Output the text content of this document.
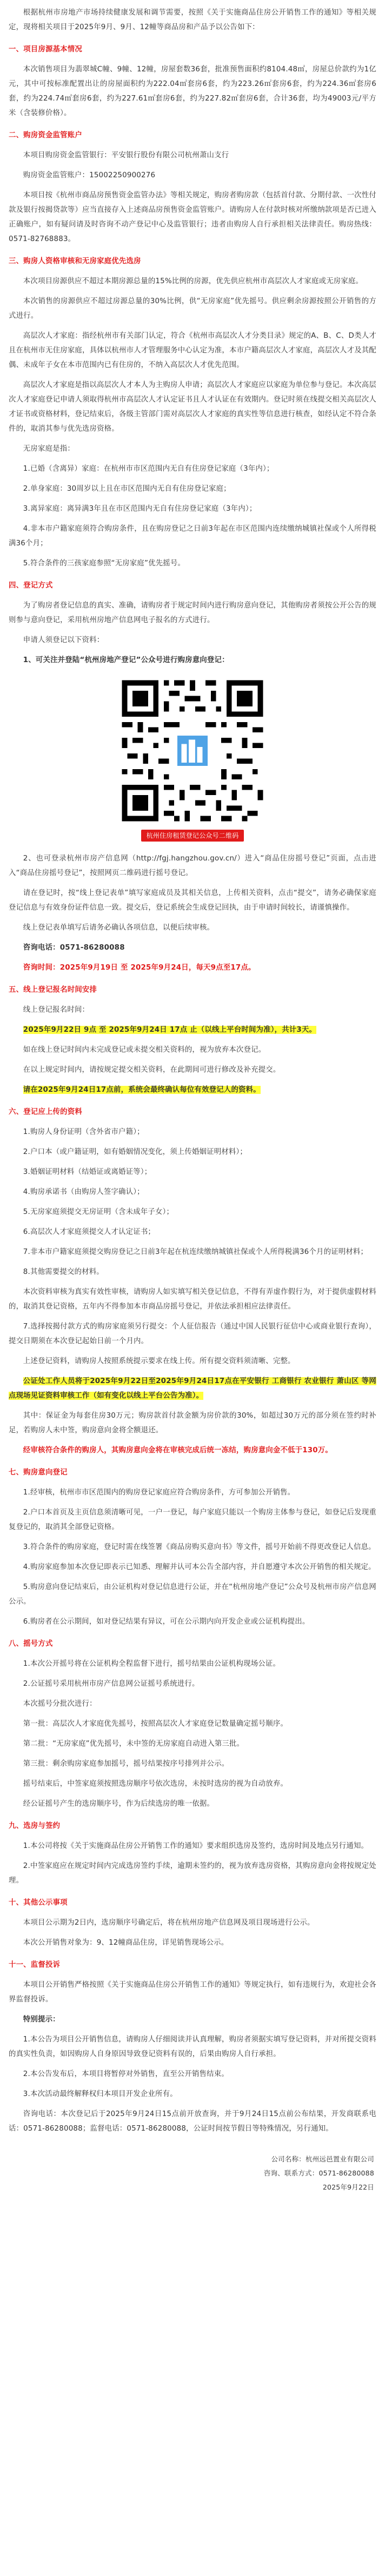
根据杭州市房地产市场持续健康发展和调节需要，按照《关于实施商品住房公开销售工作的通知》等相关规定，现将相关项目于2025年9月、9月、12幢等商品房和产品予以公告如下：

一、项目房源基本情况

本次销售项目为翡翠城C幢、9幢、12幢，房屋套数36套，批准预售面积约8104.48㎡，房屋总价款约为1亿元，其中可按标准配置出让的房屋面积约为222.04㎡套房6套，约为223.26㎡套房6套，约为224.36㎡套房6套，约为224.74㎡套房6套，约为227.61㎡套房6套，约为227.82㎡套房6套，合计36套，均为49003元/平方米（含装修价格）。

二、购房资金监管账户

本项目购房资金监管银行：平安银行股份有限公司杭州萧山支行

购房资金监管账户：15002250900276

本项目按《杭州市商品房预售资金监管办法》等相关规定，购房者购房款（包括首付款、分期付款、一次性付款及银行按揭贷款等）应当直接存入上述商品房预售资金监管账户。请购房人在付款时核对所缴纳款项是否已进入正确账户，如有疑问请及时咨询不动产登记中心及监管银行；违者由购房人自行承担相关法律责任。购房热线：0571-82768883。

三、购房人资格审核和无房家庭优先选房

本次项目房源供应不超过本期房源总量的15%比例的房源，优先供应杭州市高层次人才家庭或无房家庭。

本次销售的房源供应不超过房源总量的30%比例，供“无房家庭”优先摇号。供应剩余房源按照公开销售的方式进行。

高层次人才家庭：指经杭州市有关部门认定，符合《杭州市高层次人才分类目录》规定的A、B、C、D类人才且在杭州市无住房家庭，具体以杭州市人才管理服务中心认定为准，本市户籍高层次人才家庭，高层次人才及其配偶、未成年子女在本市范围内已有住房的，不纳入高层次人才优先范围。

高层次人才家庭是指以高层次人才本人为主购房人申请；高层次人才家庭应以家庭为单位参与登记。本次高层次人才家庭登记申请人须取得杭州市高层次人才认定证书且人才认证在有效期内。登记时须在线提交相关高层次人才证书或资格材料，登记结束后，各级主管部门需对高层次人才家庭的真实性等信息进行核查，如经认定不符合条件的，取消其参与优先选房资格。

无房家庭是指：

1.已婚（含离异）家庭：在杭州市市区范围内无自有住房登记家庭（3年内）；

2.单身家庭：30周岁以上且在市区范围内无自有住房登记家庭；

3.离异家庭：离异满3年且在市区范围内无自有住房登记家庭（3年内）；

4.非本市户籍家庭须符合购房条件，且在购房登记之日前3年起在市区范围内连续缴纳城镇社保或个人所得税满36个月；

5.符合条件的三孩家庭参照“无房家庭”优先摇号。

四、登记方式

为了购房者登记信息的真实、准确，请购房者于规定时间内进行购房意向登记，其他购房者须按公开公告的规则参与意向登记，采用杭州房地产信息网电子报名的方式进行。

申请人须登记以下资料：

1、可关注并登陆“杭州房地产登记”公众号进行购房意向登记：

杭州住房租赁登记公众号二维码

2、也可登录杭州市房产信息网（http://fgj.hangzhou.gov.cn/）进入“商品住房摇号登记”页面，点击进入“商品住房摇号登记”，按照网页二维码进行摇号登记。

请在登记时，按“线上登记表单”填写家庭成员及其相关信息，上传相关资料，点击“提交”，请务必确保家庭登记信息与有效身份证件信息一致。提交后，登记系统会生成登记回执，由于申请时间较长，请谨慎操作。

线上登记表单填写后请务必确认各项信息，以便后续审核。

咨询电话：0571-86280088

咨询时间：2025年9月19日 至 2025年9月24日，每天9点至17点。

五、线上登记报名时间安排

线上登记报名时间：

2025年9月22日 9点 至 2025年9月24日 17点 止（以线上平台时间为准），共计3天。

如在线上登记时间内未完成登记或未提交相关资料的，视为放弃本次登记。

在以上规定时间内，请按规定提交相关资料，在此期间可进行修改及补充提交。

请在2025年9月24日17点前，系统会最终确认每位有效登记人的资料。

六、登记应上传的资料

1.购房人身份证明（含外省市户籍）；

2.户口本（或户籍证明，如有婚姻情况变化，须上传婚姻证明材料）；

3.婚姻证明材料（结婚证或离婚证等）；

4.购房承诺书（由购房人签字确认）；

5.无房家庭须提交无房证明（含未成年子女）；

6.高层次人才家庭须提交人才认定证书；

7.非本市户籍家庭须提交购房登记之日前3年起在杭连续缴纳城镇社保或个人所得税满36个月的证明材料；

8.其他需要提交的材料。

本次资料审核为真实有效性审核，请购房人如实填写相关登记信息，不得有弄虚作假行为，对于提供虚假材料的，取消其登记资格，五年内不得参加本市商品房摇号登记，并依法承担相应法律责任。

7.选择按揭付款方式的购房家庭须另行提交：个人征信报告（通过中国人民银行征信中心或商业银行查询），提交日期须在本次登记起始日前一个月内。

上述登记资料，请购房人按照系统提示要求在线上传。所有提交资料须清晰、完整。

公证处工作人员将于2025年9月22日至2025年9月24日17点在平安银行 工商银行 农业银行 萧山区 等网点现场见证资料审核工作（如有变化以线上平台公告为准）。

其中：保证金为每套住房30万元；购房款首付款金额为房价款的30%，如超过30万元的部分须在签约时补足，若购房人未中签，购房意向金将全额退还。

经审核符合条件的购房人，其购房意向金将在审核完成后统一冻结，购房意向金不低于130万。

七、购房意向登记

1.经审核，杭州市市区范围内的购房登记家庭应符合购房条件，方可参加公开销售。

2.户口本首页及主页信息须清晰可见，一户一登记，每户家庭只能以一个购房主体参与登记，如登记后发现重复登记的，取消其全部登记资格。

3.符合条件的购房家庭，登记时需在线签署《商品房购买意向书》等文件，摇号开始前不得更改登记人信息。

4.购房家庭参加本次登记即表示已知悉、理解并认可本公告全部内容，并自愿遵守本次公开销售的相关规定。

5.购房意向登记结束后，由公证机构对登记信息进行公证，并在“杭州房地产登记”公众号及杭州市房产信息网公示。

6.购房者在公示期间，如对登记结果有异议，可在公示期内向开发企业或公证机构提出。

八、摇号方式

1.本次公开摇号将在公证机构全程监督下进行，摇号结果由公证机构现场公证。

2.公证摇号采用杭州市房产信息网公证摇号系统进行。

本次摇号分批次进行：

第一批：高层次人才家庭优先摇号，按照高层次人才家庭登记数量确定摇号顺序。

第二批：“无房家庭”优先摇号，未中签的无房家庭自动进入第三批。

第三批：剩余购房家庭参加摇号，摇号结果按序号排列并公示。

摇号结束后，中签家庭须按照选房顺序号依次选房，未按时选房的视为自动放弃。

经公证摇号产生的选房顺序号，作为后续选房的唯一依据。

九、选房与签约

1.本公司将按《关于实施商品住房公开销售工作的通知》要求组织选房及签约，选房时间及地点另行通知。

2.中签家庭应在规定时间内完成选房签约手续，逾期未签约的，视为放弃选房资格，其购房意向金将按规定处理。

十、其他公示事项

本项目公示期为2日内，选房顺序号确定后，将在杭州房地产信息网及项目现场进行公示。

本次公开销售对象为：9、12幢商品住房，详见销售现场公示。

十一、监督投诉

本项目公开销售严格按照《关于实施商品住房公开销售工作的通知》等规定执行，如有违规行为，欢迎社会各界监督投诉。

特别提示：

1.本公告为项目公开销售信息，请购房人仔细阅读并认真理解，购房者须据实填写登记资料，并对所提交资料的真实性负责，如因购房人自身原因导致登记资料有误的，后果由购房人自行承担。

2.本公告发布后，本项目将暂停对外销售，直至公开销售结束。

3.本次活动最终解释权归本项目开发企业所有。

咨询电话：本次登记后于2025年9月24日15点前开放查询，并于9月24日15点前公布结果，开发商联系电话：0571-86280088；监督电话：0571-86280088，公证时间按节假日等特殊情况，另行通知。

公司名称：杭州远邑置业有限公司
咨询、联系方式：0571-86280088
2025年9月22日
